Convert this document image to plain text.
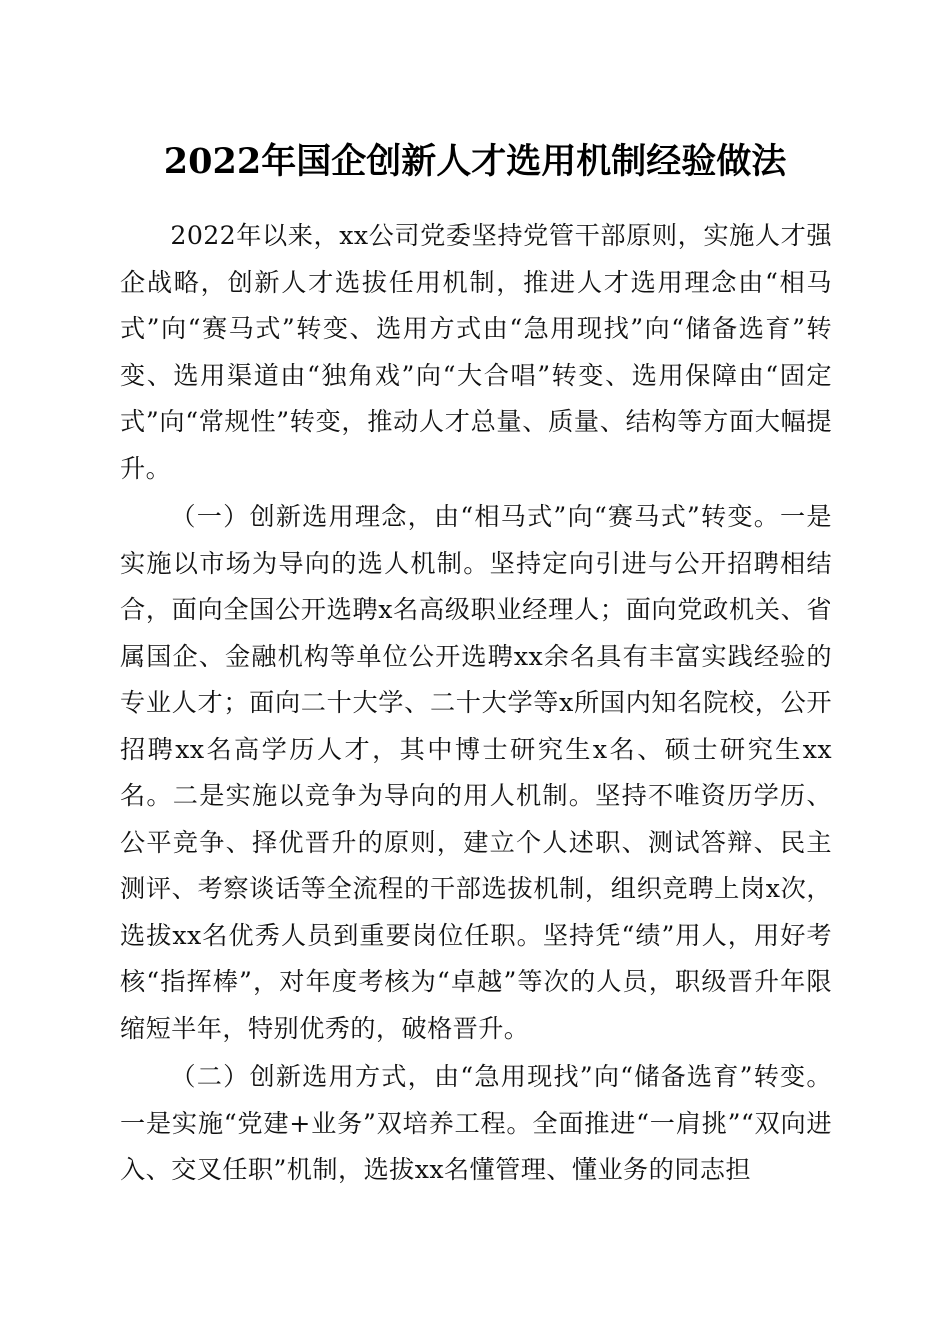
2022年国企创新人才选用机制经验做法

2022年以来，xx公司党委坚持党管干部原则，实施人才强企战略，创新人才选拔任用机制，推进人才选用理念由“相马式”向“赛马式”转变、选用方式由“急用现找”向“储备选育”转变、选用渠道由“独角戏”向“大合唱”转变、选用保障由“固定式”向“常规性”转变，推动人才总量、质量、结构等方面大幅提升。

（一）创新选用理念，由“相马式”向“赛马式”转变。一是实施以市场为导向的选人机制。坚持定向引进与公开招聘相结合，面向全国公开选聘x名高级职业经理人；面向党政机关、省属国企、金融机构等单位公开选聘xx余名具有丰富实践经验的专业人才；面向二十大学、二十大学等x所国内知名院校，公开招聘xx名高学历人才，其中博士研究生x名、硕士研究生xx名。二是实施以竞争为导向的用人机制。坚持不唯资历学历、公平竞争、择优晋升的原则，建立个人述职、测试答辩、民主测评、考察谈话等全流程的干部选拔机制，组织竞聘上岗x次，选拔xx名优秀人员到重要岗位任职。坚持凭“绩”用人，用好考核“指挥棒”，对年度考核为“卓越”等次的人员，职级晋升年限缩短半年，特别优秀的，破格晋升。

（二）创新选用方式，由“急用现找”向“储备选育”转变。一是实施“党建+业务”双培养工程。全面推进“一肩挑”“双向进入、交叉任职”机制，选拔xx名懂管理、懂业务的同志担
